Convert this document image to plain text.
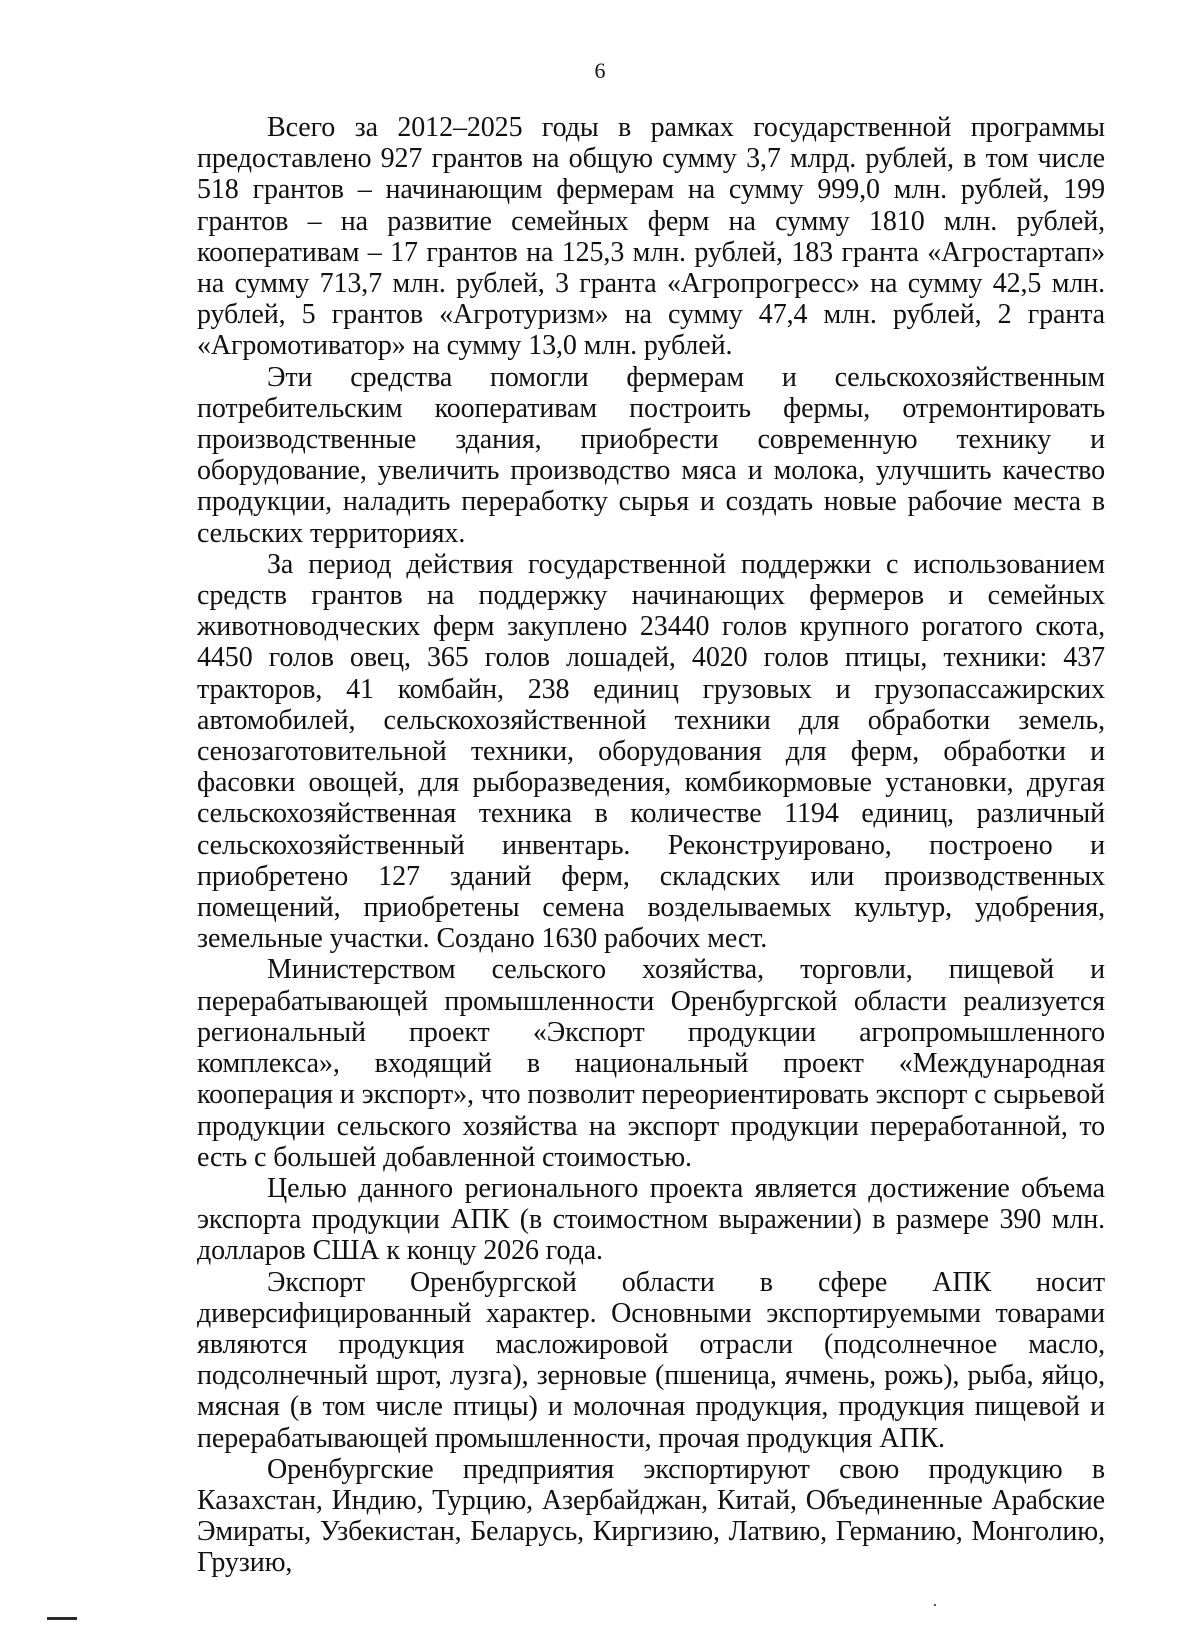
6

Всего за 2012–2025 годы в рамках государственной программы предоставлено 927 грантов на общую сумму 3,7 млрд. рублей, в том числе 518 грантов – начинающим фермерам на сумму 999,0 млн. рублей, 199 грантов – на развитие семейных ферм на сумму 1810 млн. рублей, кооперативам – 17 грантов на 125,3 млн. рублей, 183 гранта «Агростартап» на сумму 713,7 млн. рублей, 3 гранта «Агропрогресс» на сумму 42,5 млн. рублей, 5 грантов «Агротуризм» на сумму 47,4 млн. рублей, 2 гранта «Агромотиватор» на сумму 13,0 млн. рублей.

Эти средства помогли фермерам и сельскохозяйственным потребительским кооперативам построить фермы, отремонтировать производственные здания, приобрести современную технику и оборудование, увеличить производство мяса и молока, улучшить качество продукции, наладить переработку сырья и создать новые рабочие места в сельских территориях.

За период действия государственной поддержки с использованием средств грантов на поддержку начинающих фермеров и семейных животноводческих ферм закуплено 23440 голов крупного рогатого скота, 4450 голов овец, 365 голов лошадей, 4020 голов птицы, техники: 437 тракторов, 41 комбайн, 238 единиц грузовых и грузопассажирских автомобилей, сельскохозяйственной техники для обработки земель, сенозаготовительной техники, оборудования для ферм, обработки и фасовки овощей, для рыборазведения, комбикормовые установки, другая сельскохозяйственная техника в количестве 1194 единиц, различный сельскохозяйственный инвентарь. Реконструировано, построено и приобретено 127 зданий ферм, складских или производственных помещений, приобретены семена возделываемых культур, удобрения, земельные участки. Создано 1630 рабочих мест.

Министерством сельского хозяйства, торговли, пищевой и перерабатывающей промышленности Оренбургской области реализуется региональный проект «Экспорт продукции агропромышленного комплекса», входящий в национальный проект «Международная кооперация и экспорт», что позволит переориентировать экспорт с сырьевой продукции сельского хозяйства на экспорт продукции переработанной, то есть с большей добавленной стоимостью.

Целью данного регионального проекта является достижение объема экспорта продукции АПК (в стоимостном выражении) в размере 390 млн. долларов США к концу 2026 года.

Экспорт Оренбургской области в сфере АПК носит диверсифицированный характер. Основными экспортируемыми товарами являются продукция масложировой отрасли (подсолнечное масло, подсолнечный шрот, лузга), зерновые (пшеница, ячмень, рожь), рыба, яйцо, мясная (в том числе птицы) и молочная продукция, продукция пищевой и перерабатывающей промышленности, прочая продукция АПК.

Оренбургские предприятия экспортируют свою продукцию в Казахстан, Индию, Турцию, Азербайджан, Китай, Объединенные Арабские Эмираты, Узбекистан, Беларусь, Киргизию, Латвию, Германию, Монголию, Грузию,
